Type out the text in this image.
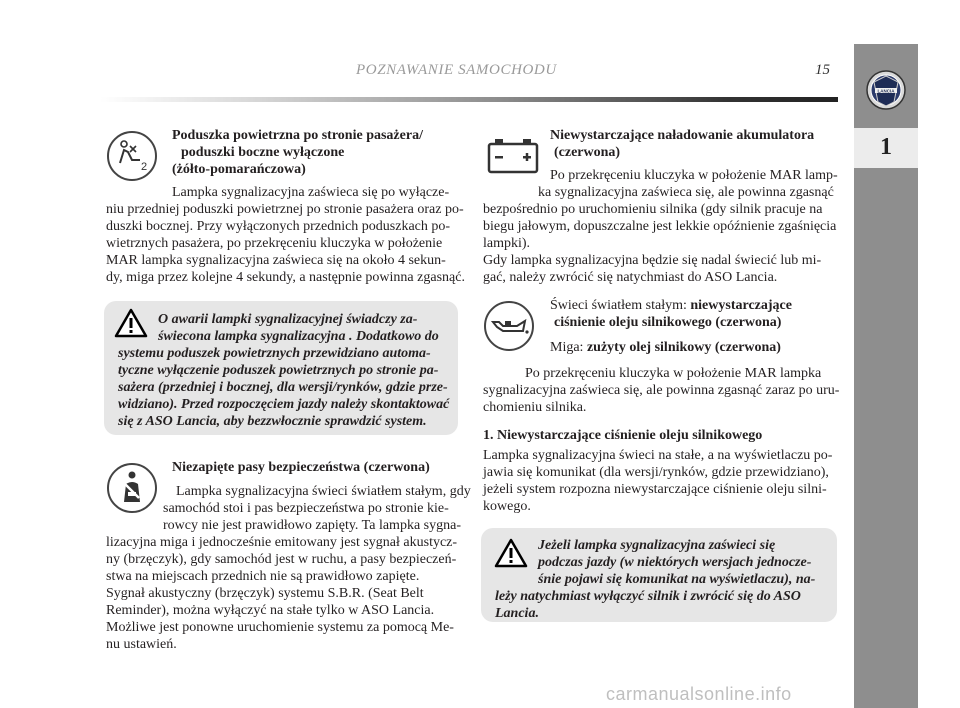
POZNAWANIE SAMOCHODU	15
LANCIA
1
2
Poduszka powietrzna po stronie pasażera/
poduszki boczne wyłączone
(żółto-pomarańczowa)
Lampka sygnalizacyjna zaświeca się po wyłącze-
niu przedniej poduszki powietrznej po stronie pasażera oraz po-
duszki bocznej. Przy wyłączonych przednich poduszkach po-
wietrznych pasażera, po przekręceniu kluczyka w położenie
MAR lampka sygnalizacyjna zaświeca się na około 4 sekun-
dy, miga przez kolejne 4 sekundy, a następnie powinna zgasnąć.
O awarii lampki sygnalizacyjnej świadczy za-
świecona lampka sygnalizacyjna . Dodatkowo do
systemu poduszek powietrznych przewidziano automa-
tyczne wyłączenie poduszek powietrznych po stronie pa-
sażera (przedniej i bocznej, dla wersji/rynków, gdzie prze-
widziano). Przed rozpoczęciem jazdy należy skontaktować
się z ASO Lancia, aby bezzwłocznie sprawdzić system.
Niezapięte pasy bezpieczeństwa (czerwona)
Lampka sygnalizacyjna świeci światłem stałym, gdy
samochód stoi i pas bezpieczeństwa po stronie kie-
rowcy nie jest prawidłowo zapięty. Ta lampka sygna-
lizacyjna miga i jednocześnie emitowany jest sygnał akustycz-
ny (brzęczyk), gdy samochód jest w ruchu, a pasy bezpieczeń-
stwa na miejscach przednich nie są prawidłowo zapięte.
Sygnał akustyczny (brzęczyk) systemu S.B.R. (Seat Belt
Reminder), można wyłączyć na stałe tylko w ASO Lancia.
Możliwe jest ponowne uruchomienie systemu za pomocą Me-
nu ustawień.
Niewystarczające naładowanie akumulatora
(czerwona)
Po przekręceniu kluczyka w położenie MAR lamp-
ka sygnalizacyjna zaświeca się, ale powinna zgasnąć
bezpośrednio po uruchomieniu silnika (gdy silnik pracuje na
biegu jałowym, dopuszczalne jest lekkie opóźnienie zgaśnięcia
lampki).
Gdy lampka sygnalizacyjna będzie się nadal świecić lub mi-
gać, należy zwrócić się natychmiast do ASO Lancia.
Świeci światłem stałym: niewystarczające
ciśnienie oleju silnikowego (czerwona)
Miga: zużyty olej silnikowy (czerwona)
Po przekręceniu kluczyka w położenie MAR lampka
sygnalizacyjna zaświeca się, ale powinna zgasnąć zaraz po uru-
chomieniu silnika.
1. Niewystarczające ciśnienie oleju silnikowego
Lampka sygnalizacyjna świeci na stałe, a na wyświetlaczu po-
jawia się komunikat (dla wersji/rynków, gdzie przewidziano),
jeżeli system rozpozna niewystarczające ciśnienie oleju silni-
kowego.
Jeżeli lampka sygnalizacyjna zaświeci się
podczas jazdy (w niektórych wersjach jednocze-
śnie pojawi się komunikat na wyświetlaczu), na-
leży natychmiast wyłączyć silnik i zwrócić się do ASO
Lancia.
carmanualsonline.info
